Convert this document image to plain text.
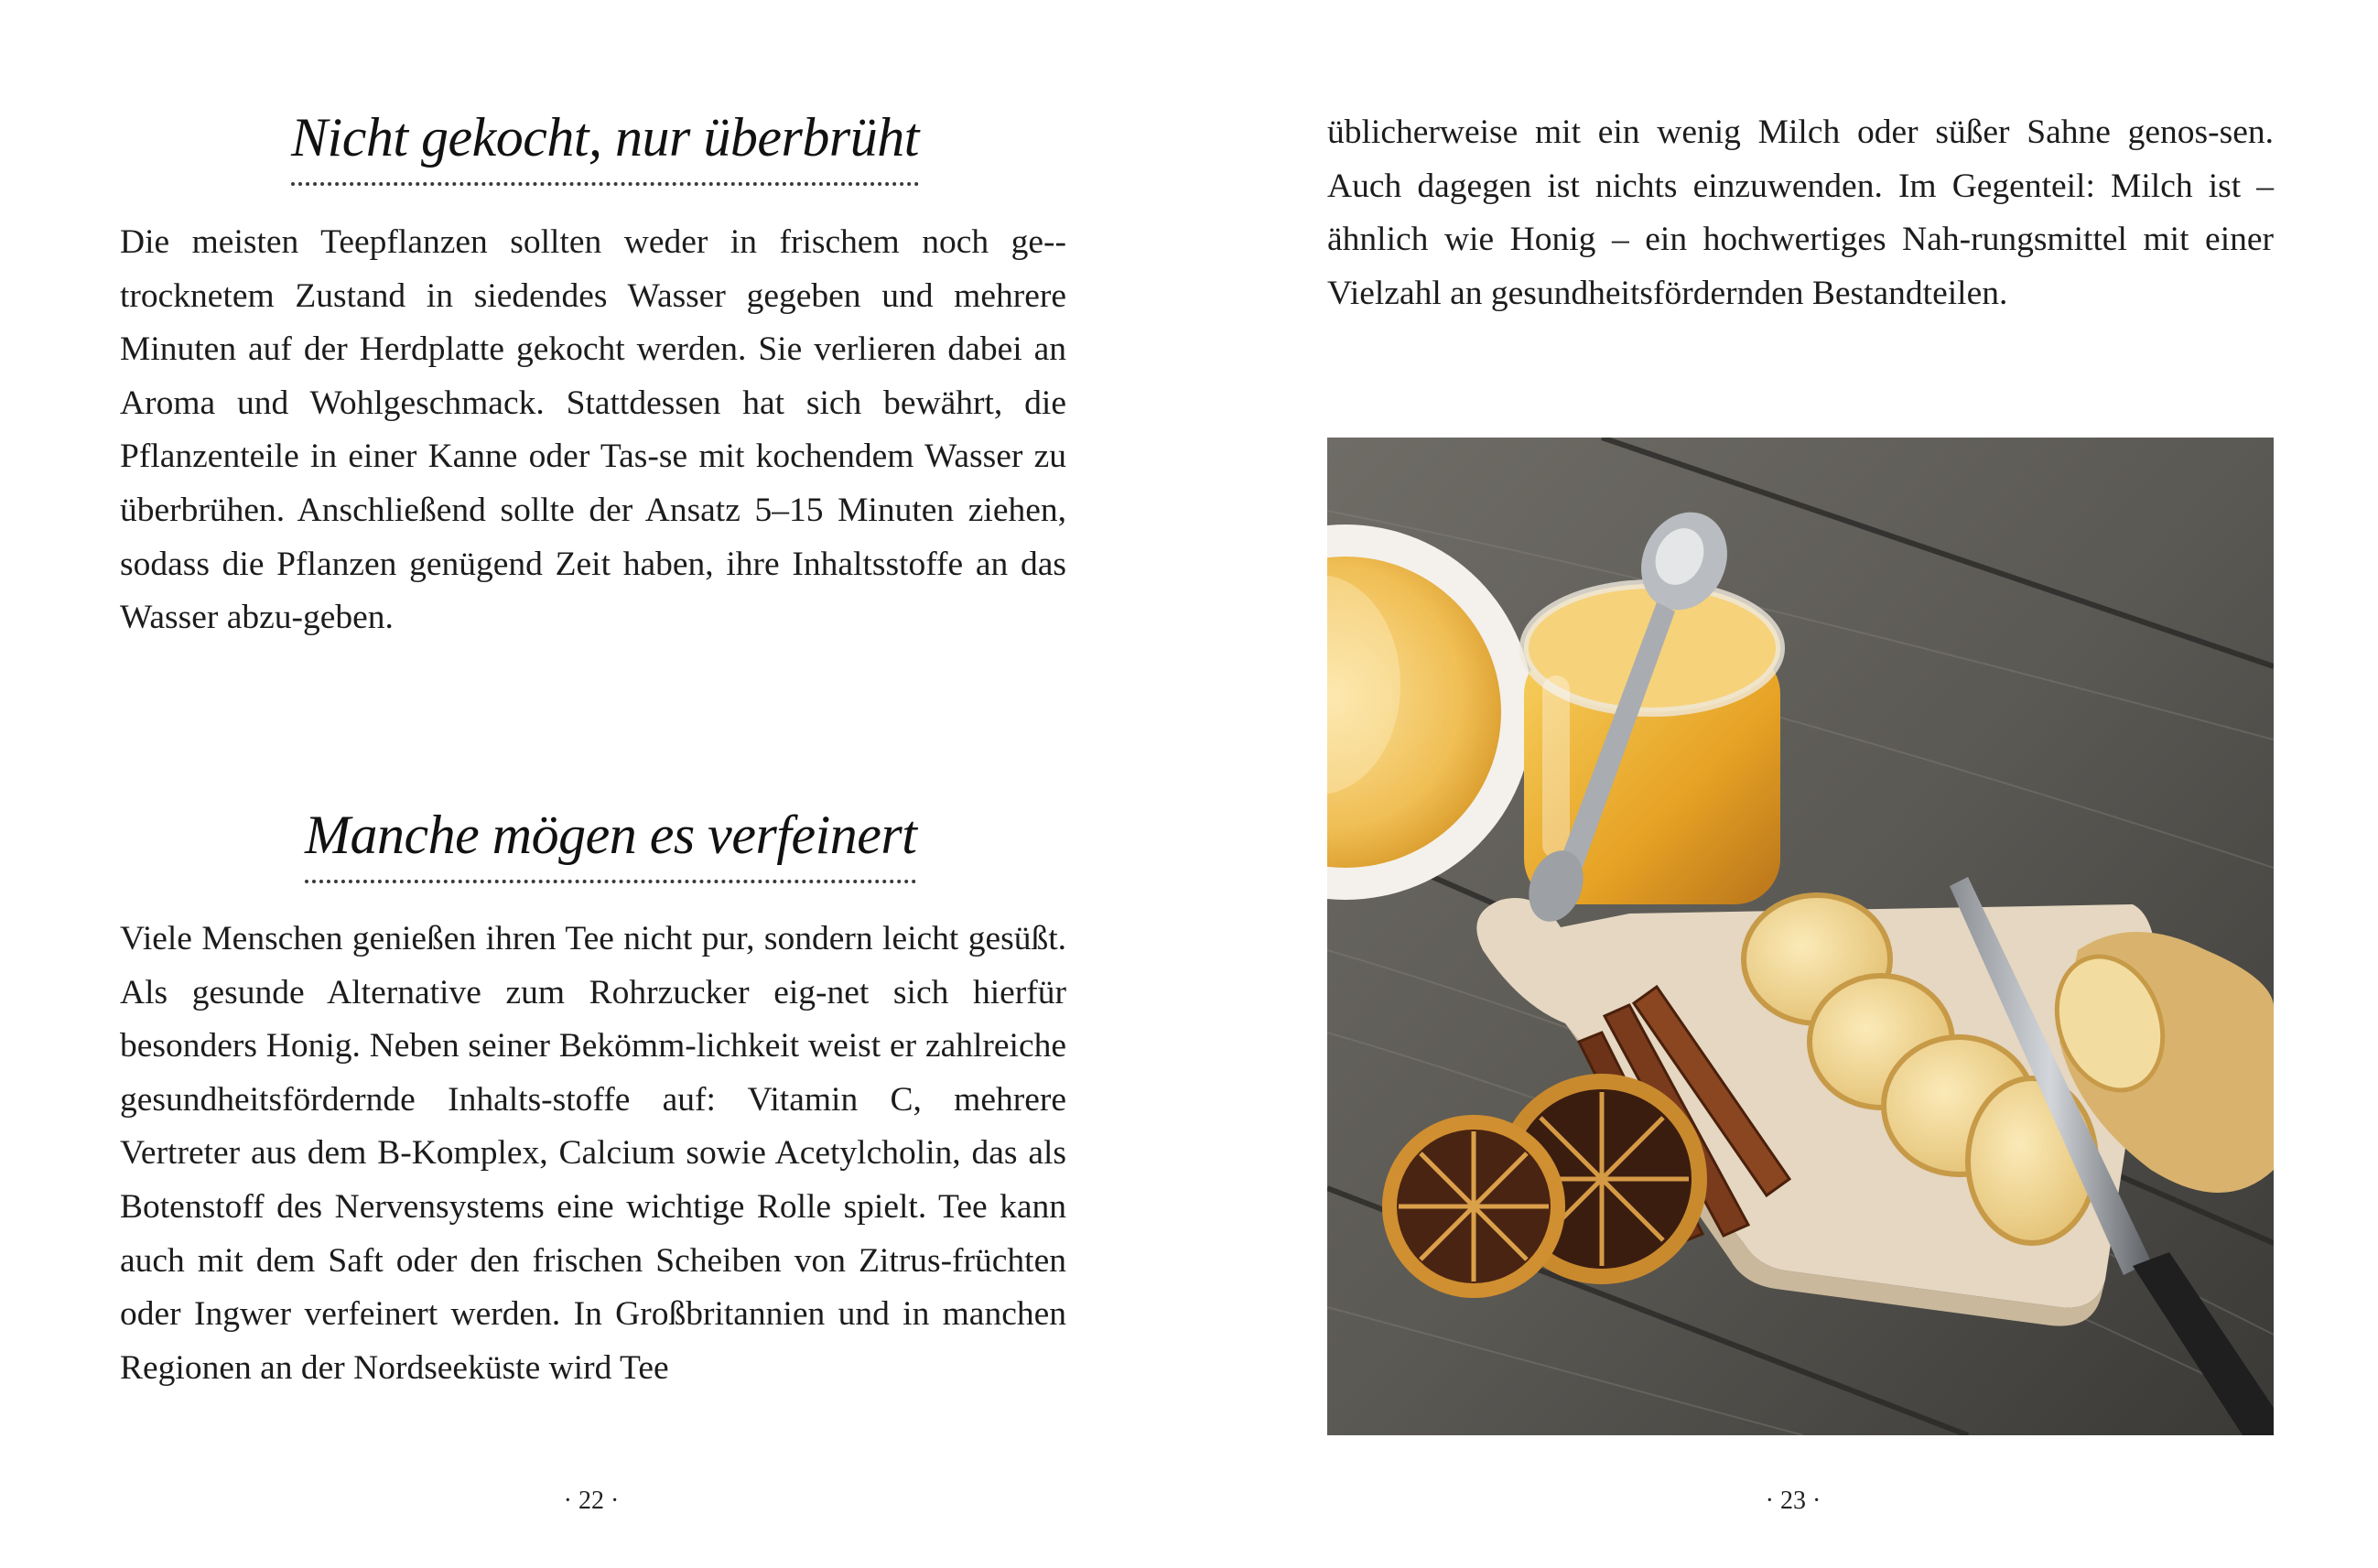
Nicht gekocht, nur überbrüht
Die meisten Teepflanzen sollten weder in frischem noch ge-trocknetem Zustand in siedendes Wasser gegeben und mehrere Minuten auf der Herdplatte gekocht werden. Sie verlieren dabei an Aroma und Wohlgeschmack. Stattdessen hat sich bewährt, die Pflanzenteile in einer Kanne oder Tas-se mit kochendem Wasser zu überbrühen. Anschließend sollte der Ansatz 5–15 Minuten ziehen, sodass die Pflanzen genügend Zeit haben, ihre Inhaltsstoffe an das Wasser abzu-geben.
Manche mögen es verfeinert
Viele Menschen genießen ihren Tee nicht pur, sondern leicht gesüßt. Als gesunde Alternative zum Rohrzucker eig-net sich hierfür besonders Honig. Neben seiner Bekömm-lichkeit weist er zahlreiche gesundheitsfördernde Inhalts-stoffe auf: Vitamin C, mehrere Vertreter aus dem B-Komplex, Calcium sowie Acetylcholin, das als Botenstoff des Nervensystems eine wichtige Rolle spielt. Tee kann auch mit dem Saft oder den frischen Scheiben von Zitrus-früchten oder Ingwer verfeinert werden. In Großbritannien und in manchen Regionen an der Nordseeküste wird Tee
· 22 ·
üblicherweise mit ein wenig Milch oder süßer Sahne genos-sen. Auch dagegen ist nichts einzuwenden. Im Gegenteil: Milch ist – ähnlich wie Honig – ein hochwertiges Nah-rungsmittel mit einer Vielzahl an gesundheitsfördernden Bestandteilen.
· 23 ·
